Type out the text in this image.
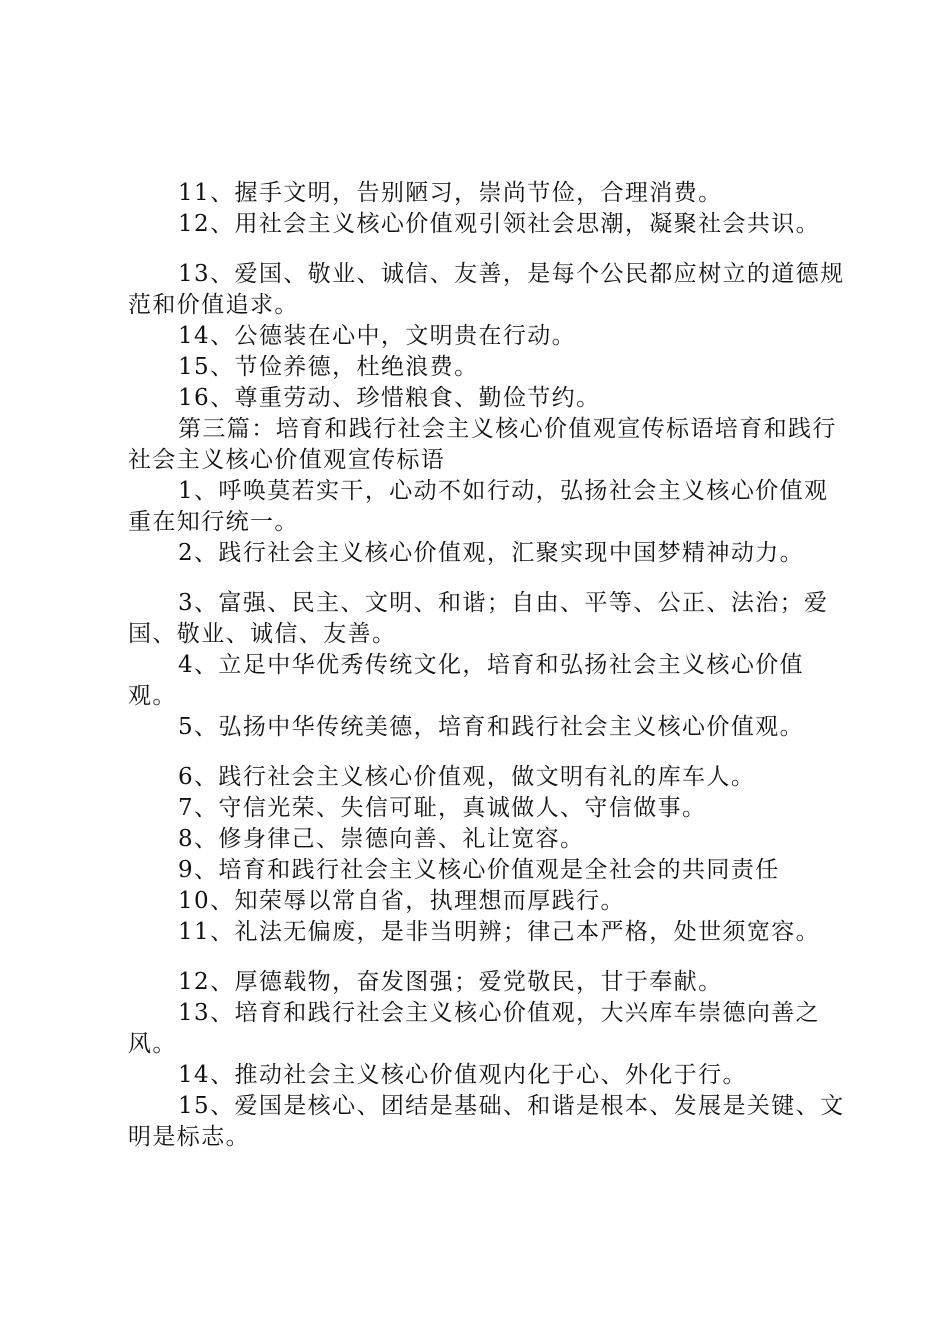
11、握手文明，告别陋习，崇尚节俭，合理消费。

12、用社会主义核心价值观引领社会思潮，凝聚社会共识。

13、爱国、敬业、诚信、友善，是每个公民都应树立的道德规范和价值追求。

14、公德装在心中，文明贵在行动。

15、节俭养德，杜绝浪费。

16、尊重劳动、珍惜粮食、勤俭节约。

第三篇：培育和践行社会主义核心价值观宣传标语培育和践行社会主义核心价值观宣传标语

1、呼唤莫若实干，心动不如行动，弘扬社会主义核心价值观重在知行统一。

2、践行社会主义核心价值观，汇聚实现中国梦精神动力。

3、富强、民主、文明、和谐；自由、平等、公正、法治；爱国、敬业、诚信、友善。

4、立足中华优秀传统文化，培育和弘扬社会主义核心价值观。

5、弘扬中华传统美德，培育和践行社会主义核心价值观。

6、践行社会主义核心价值观，做文明有礼的库车人。

7、守信光荣、失信可耻，真诚做人、守信做事。

8、修身律己、崇德向善、礼让宽容。

9、培育和践行社会主义核心价值观是全社会的共同责任

10、知荣辱以常自省，执理想而厚践行。

11、礼法无偏废，是非当明辨；律己本严格，处世须宽容。

12、厚德载物，奋发图强；爱党敬民，甘于奉献。

13、培育和践行社会主义核心价值观，大兴库车崇德向善之风。

14、推动社会主义核心价值观内化于心、外化于行。

15、爱国是核心、团结是基础、和谐是根本、发展是关键、文明是标志。
